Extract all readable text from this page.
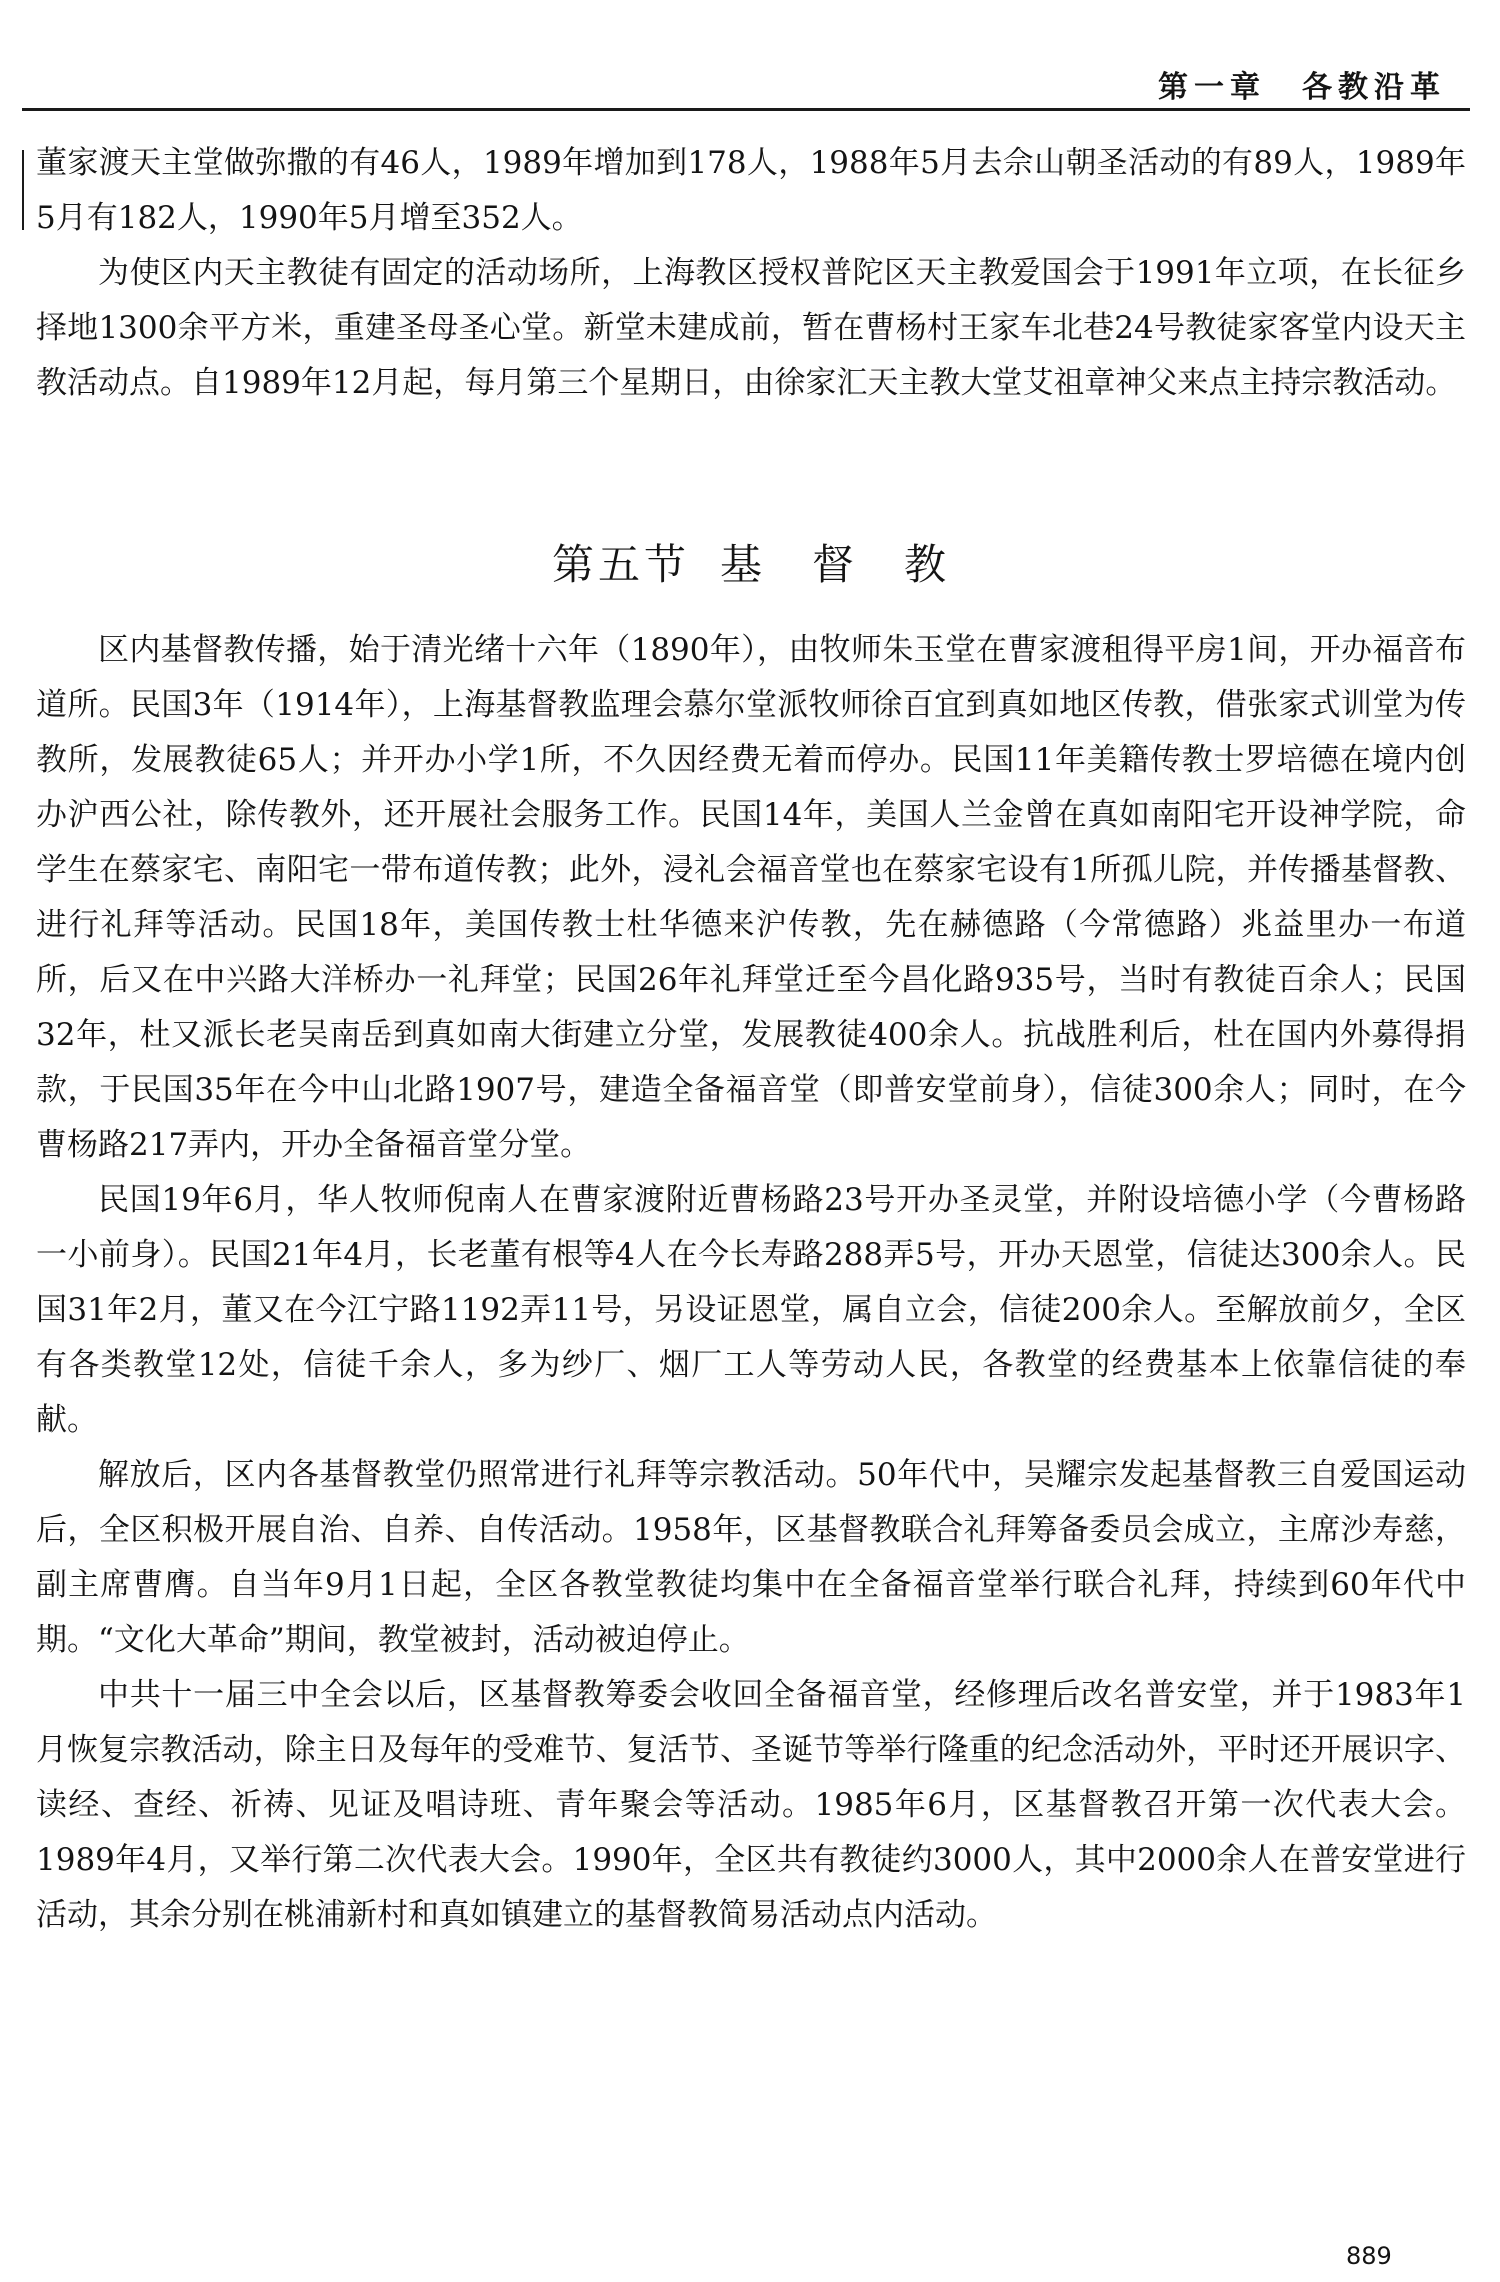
第一章　各教沿革

董家渡天主堂做弥撒的有46人，1989年增加到178人，1988年5月去佘山朝圣活动的有89人，1989年5月有182人，1990年5月增至352人。

为使区内天主教徒有固定的活动场所，上海教区授权普陀区天主教爱国会于1991年立项，在长征乡择地1300余平方米，重建圣母圣心堂。新堂未建成前，暂在曹杨村王家车北巷24号教徒家客堂内设天主教活动点。自1989年12月起，每月第三个星期日，由徐家汇天主教大堂艾祖章神父来点主持宗教活动。

第五节 基　督　教

区内基督教传播，始于清光绪十六年（1890年），由牧师朱玉堂在曹家渡租得平房1间，开办福音布道所。民国3年（1914年），上海基督教监理会慕尔堂派牧师徐百宜到真如地区传教，借张家式训堂为传教所，发展教徒65人；并开办小学1所，不久因经费无着而停办。民国11年美籍传教士罗培德在境内创办沪西公社，除传教外，还开展社会服务工作。民国14年，美国人兰金曾在真如南阳宅开设神学院，命学生在蔡家宅、南阳宅一带布道传教；此外，浸礼会福音堂也在蔡家宅设有1所孤儿院，并传播基督教、进行礼拜等活动。民国18年，美国传教士杜华德来沪传教，先在赫德路（今常德路）兆益里办一布道所，后又在中兴路大洋桥办一礼拜堂；民国26年礼拜堂迁至今昌化路935号，当时有教徒百余人；民国32年，杜又派长老吴南岳到真如南大街建立分堂，发展教徒400余人。抗战胜利后，杜在国内外募得捐款，于民国35年在今中山北路1907号，建造全备福音堂（即普安堂前身），信徒300余人；同时，在今曹杨路217弄内，开办全备福音堂分堂。

民国19年6月，华人牧师倪南人在曹家渡附近曹杨路23号开办圣灵堂，并附设培德小学（今曹杨路一小前身）。民国21年4月，长老董有根等4人在今长寿路288弄5号，开办天恩堂，信徒达300余人。民国31年2月，董又在今江宁路1192弄11号，另设证恩堂，属自立会，信徒200余人。至解放前夕，全区有各类教堂12处，信徒千余人，多为纱厂、烟厂工人等劳动人民，各教堂的经费基本上依靠信徒的奉献。

解放后，区内各基督教堂仍照常进行礼拜等宗教活动。50年代中，吴耀宗发起基督教三自爱国运动后，全区积极开展自治、自养、自传活动。1958年，区基督教联合礼拜筹备委员会成立，主席沙寿慈，副主席曹膺。自当年9月1日起，全区各教堂教徒均集中在全备福音堂举行联合礼拜，持续到60年代中期。“文化大革命”期间，教堂被封，活动被迫停止。

中共十一届三中全会以后，区基督教筹委会收回全备福音堂，经修理后改名普安堂，并于1983年1月恢复宗教活动，除主日及每年的受难节、复活节、圣诞节等举行隆重的纪念活动外，平时还开展识字、读经、查经、祈祷、见证及唱诗班、青年聚会等活动。1985年6月，区基督教召开第一次代表大会。1989年4月，又举行第二次代表大会。1990年，全区共有教徒约3000人，其中2000余人在普安堂进行活动，其余分别在桃浦新村和真如镇建立的基督教简易活动点内活动。

889
